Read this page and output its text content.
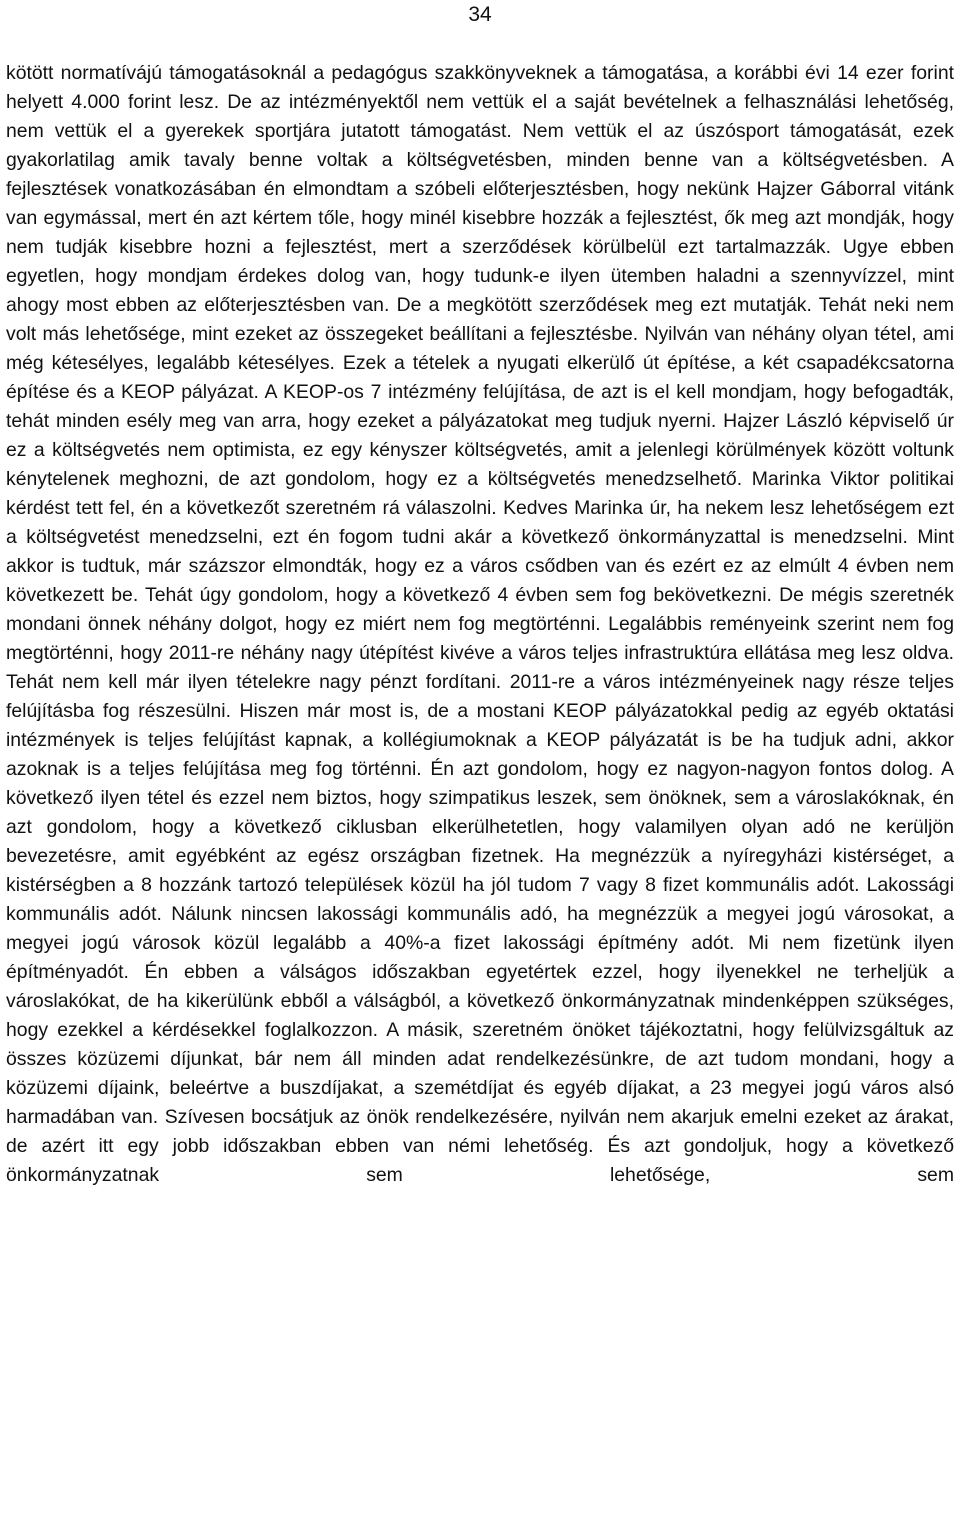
34

kötött normatívájú támogatásoknál a pedagógus szakkönyveknek a támogatása, a korábbi évi 14 ezer forint helyett 4.000 forint lesz. De az intézményektől nem vettük el a saját bevételnek a felhasználási lehetőség, nem vettük el a gyerekek sportjára jutatott támogatást. Nem vettük el az úszósport támogatását, ezek gyakorlatilag amik tavaly benne voltak a költségvetésben, minden benne van a költségvetésben. A fejlesztések vonatkozásában én elmondtam a szóbeli előterjesztésben, hogy nekünk Hajzer Gáborral vitánk van egymással, mert én azt kértem tőle, hogy minél kisebbre hozzák a fejlesztést, ők meg azt mondják, hogy nem tudják kisebbre hozni a fejlesztést, mert a szerződések körülbelül ezt tartalmazzák. Ugye ebben egyetlen, hogy mondjam érdekes dolog van, hogy tudunk-e ilyen ütemben haladni a szennyvízzel, mint ahogy most ebben az előterjesztésben van. De a megkötött szerződések meg ezt mutatják. Tehát neki nem volt más lehetősége, mint ezeket az összegeket beállítani a fejlesztésbe. Nyilván van néhány olyan tétel, ami még kétesélyes, legalább kétesélyes. Ezek a tételek a nyugati elkerülő út építése, a két csapadékcsatorna építése és a KEOP pályázat. A KEOP-os 7 intézmény felújítása, de azt is el kell mondjam, hogy befogadták, tehát minden esély meg van arra, hogy ezeket a pályázatokat meg tudjuk nyerni. Hajzer László képviselő úr ez a költségvetés nem optimista, ez egy kényszer költségvetés, amit a jelenlegi körülmények között voltunk kénytelenek meghozni, de azt gondolom, hogy ez a költségvetés menedzselhető. Marinka Viktor politikai kérdést tett fel, én a következőt szeretném rá válaszolni. Kedves Marinka úr, ha nekem lesz lehetőségem ezt a költségvetést menedzselni, ezt én fogom tudni akár a következő önkormányzattal is menedzselni. Mint akkor is tudtuk, már százszor elmondták, hogy ez a város csődben van és ezért ez az elmúlt 4 évben nem következett be. Tehát úgy gondolom, hogy a következő 4 évben sem fog bekövetkezni. De mégis szeretnék mondani önnek néhány dolgot, hogy ez miért nem fog megtörténni. Legalábbis reményeink szerint nem fog megtörténni, hogy 2011-re néhány nagy útépítést kivéve a város teljes infrastruktúra ellátása meg lesz oldva. Tehát nem kell már ilyen tételekre nagy pénzt fordítani. 2011-re a város intézményeinek nagy része teljes felújításba fog részesülni. Hiszen már most is, de a mostani KEOP pályázatokkal pedig az egyéb oktatási intézmények is teljes felújítást kapnak, a kollégiumoknak a KEOP pályázatát is be ha tudjuk adni, akkor azoknak is a teljes felújítása meg fog történni. Én azt gondolom, hogy ez nagyon-nagyon fontos dolog. A következő ilyen tétel és ezzel nem biztos, hogy szimpatikus leszek, sem önöknek, sem a városlakóknak, én azt gondolom, hogy a következő ciklusban elkerülhetetlen, hogy valamilyen olyan adó ne kerüljön bevezetésre, amit egyébként az egész országban fizetnek. Ha megnézzük a nyíregyházi kistérséget, a kistérségben a 8 hozzánk tartozó települések közül ha jól tudom 7 vagy 8 fizet kommunális adót. Lakossági kommunális adót. Nálunk nincsen lakossági kommunális adó, ha megnézzük a megyei jogú városokat, a megyei jogú városok közül legalább a 40%-a fizet lakossági építmény adót. Mi nem fizetünk ilyen építményadót. Én ebben a válságos időszakban egyetértek ezzel, hogy ilyenekkel ne terheljük a városlakókat, de ha kikerülünk ebből a válságból, a következő önkormányzatnak mindenképpen szükséges, hogy ezekkel a kérdésekkel foglalkozzon. A másik, szeretném önöket tájékoztatni, hogy felülvizsgáltuk az összes közüzemi díjunkat, bár nem áll minden adat rendelkezésünkre, de azt tudom mondani, hogy a közüzemi díjaink, beleértve a buszdíjakat, a szemétdíjat és egyéb díjakat, a 23 megyei jogú város alsó harmadában van. Szívesen bocsátjuk az önök rendelkezésére, nyilván nem akarjuk emelni ezeket az árakat, de azért itt egy jobb időszakban ebben van némi lehetőség. És azt gondoljuk, hogy a következő önkormányzatnak sem lehetősége, sem
